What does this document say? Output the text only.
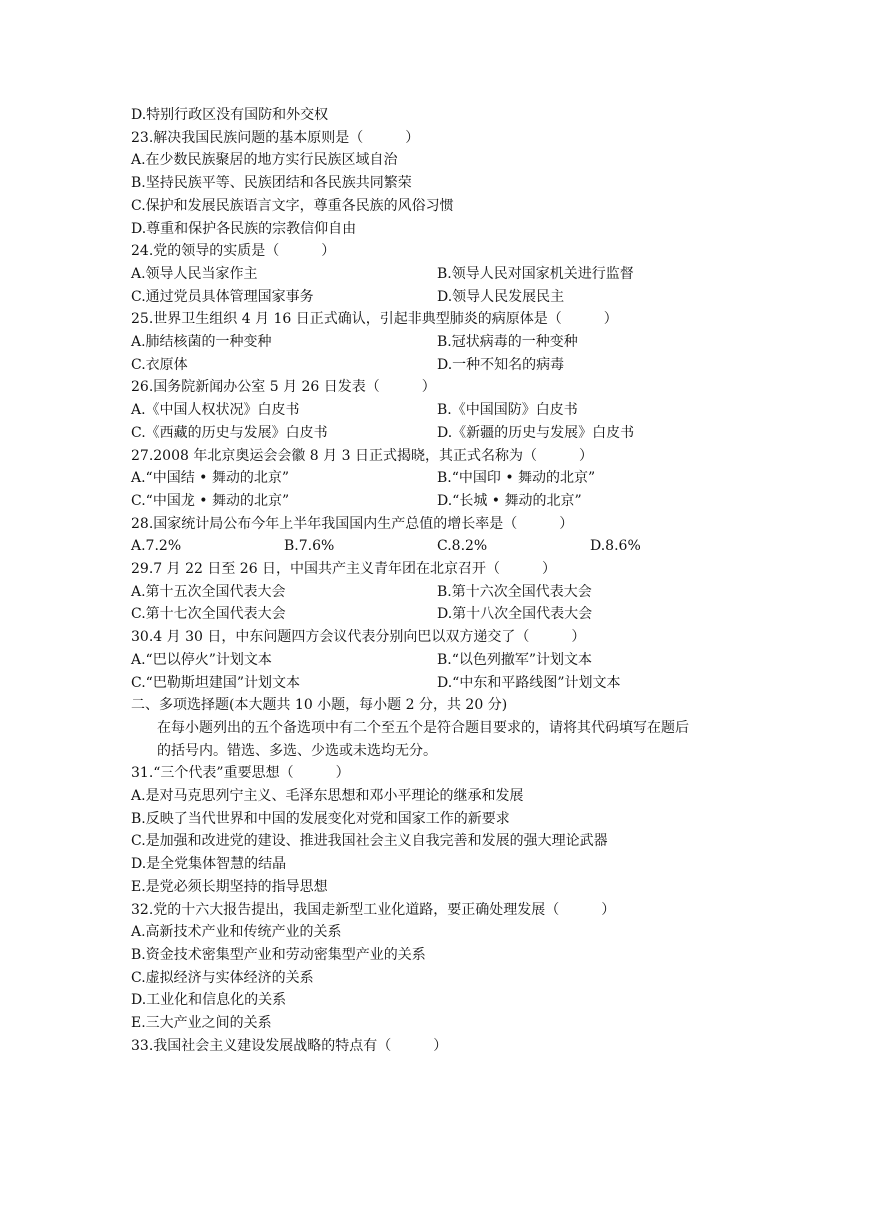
D.特别行政区没有国防和外交权
23.解决我国民族问题的基本原则是（　　　）
A.在少数民族聚居的地方实行民族区域自治
B.坚持民族平等、民族团结和各民族共同繁荣
C.保护和发展民族语言文字，尊重各民族的风俗习惯
D.尊重和保护各民族的宗教信仰自由
24.党的领导的实质是（　　　）
A.领导人民当家作主	B.领导人民对国家机关进行监督
C.通过党员具体管理国家事务	D.领导人民发展民主
25.世界卫生组织 4 月 16 日正式确认，引起非典型肺炎的病原体是（　　　）
A.肺结核菌的一种变种	B.冠状病毒的一种变种
C.衣原体	D.一种不知名的病毒
26.国务院新闻办公室 5 月 26 日发表（　　　）
A.《中国人权状况》白皮书	B.《中国国防》白皮书
C.《西藏的历史与发展》白皮书	D.《新疆的历史与发展》白皮书
27.2008 年北京奥运会会徽 8 月 3 日正式揭晓，其正式名称为（　　　）
A.“中国结 • 舞动的北京”	B.“中国印 • 舞动的北京”
C.“中国龙 • 舞动的北京”	D.“长城 • 舞动的北京”
28.国家统计局公布今年上半年我国国内生产总值的增长率是（　　　）
A.7.2%	B.7.6%	C.8.2%	D.8.6%
29.7 月 22 日至 26 日，中国共产主义青年团在北京召开（　　　）
A.第十五次全国代表大会	B.第十六次全国代表大会
C.第十七次全国代表大会	D.第十八次全国代表大会
30.4 月 30 日，中东问题四方会议代表分别向巴以双方递交了（　　　）
A.“巴以停火”计划文本	B.“以色列撤军”计划文本
C.“巴勒斯坦建国”计划文本	D.“中东和平路线图”计划文本
二、多项选择题(本大题共 10 小题，每小题 2 分，共 20 分)
在每小题列出的五个备选项中有二个至五个是符合题目要求的，请将其代码填写在题后
的括号内。错选、多选、少选或未选均无分。
31.“三个代表”重要思想（　　　）
A.是对马克思列宁主义、毛泽东思想和邓小平理论的继承和发展
B.反映了当代世界和中国的发展变化对党和国家工作的新要求
C.是加强和改进党的建设、推进我国社会主义自我完善和发展的强大理论武器
D.是全党集体智慧的结晶
E.是党必须长期坚持的指导思想
32.党的十六大报告提出，我国走新型工业化道路，要正确处理发展（　　　）
A.高新技术产业和传统产业的关系
B.资金技术密集型产业和劳动密集型产业的关系
C.虚拟经济与实体经济的关系
D.工业化和信息化的关系
E.三大产业之间的关系
33.我国社会主义建设发展战略的特点有（　　　）
